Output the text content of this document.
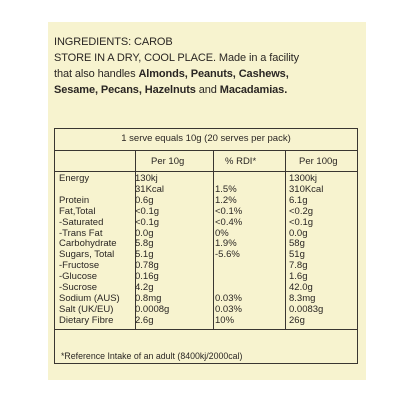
INGREDIENTS: CAROB
STORE IN A DRY, COOL PLACE. Made in a facility
that also handles Almonds, Peanuts, Cashews,
Sesame, Pecans, Hazelnuts and Macadamias.
1 serve equals 10g (20 serves per pack)
Per 10g	% RDI*	Per 100g
Energy	130kj		1300kj
	31Kcal	1.5%	310Kcal
Protein	0.6g	1.2%	6.1g
Fat,Total	<0.1g	<0.1%	<0.2g
-Saturated	<0.1g	<0.4%	<0.1g
-Trans Fat	0.0g	0%	0.0g
Carbohydrate	5.8g	1.9%	58g
Sugars, Total	5.1g	-5.6%	51g
-Fructose	0.78g		7.8g
-Glucose	0.16g		1.6g
-Sucrose	4.2g		42.0g
Sodium (AUS)	0.8mg	0.03%	8.3mg
Salt (UK/EU)	0.0008g	0.03%	0.0083g
Dietary Fibre	2.6g	10%	26g
*Reference Intake of an adult (8400kj/2000cal)
